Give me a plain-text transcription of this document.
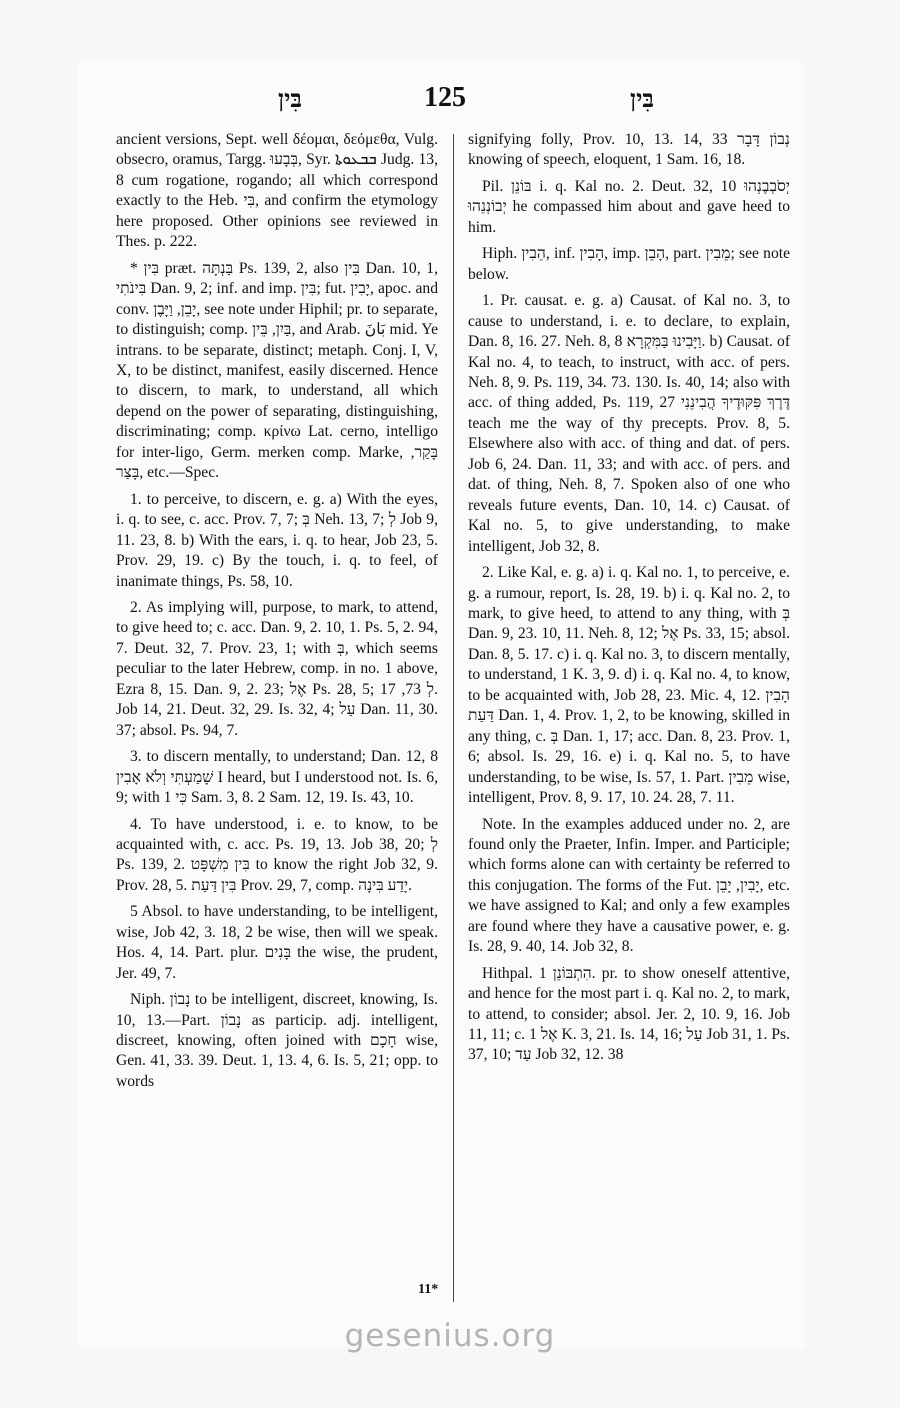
בִּין	125	בִּין

ancient versions, Sept. well δέομαι, δεόμεθα, Vulg. obsecro, oramus, Targg. בְּבָעוּ, Syr. ܒܒܥܘܬܐ Judg. 13, 8 cum rogatione, rogando; all which correspond exactly to the Heb. בִּי, and confirm the etymology here proposed. Other opinions see reviewed in Thes. p. 222.

* בִּין præt. בַּנְתָּה Ps. 139, 2, also בִּין Dan. 10, 1, בִּינֹתִי Dan. 9, 2; inf. and imp. בִּין; fut. יָבִין, apoc. and conv. יָבֵן, וַיָּבֶן, see note under Hiphil; pr. to separate, to distinguish; comp. בַּיִן, בֵּין, and Arab. بَانَ mid. Ye intrans. to be separate, distinct; metaph. Conj. I, V, X, to be distinct, manifest, easily discerned. Hence to discern, to mark, to understand, all which depend on the power of separating, distinguishing, discriminating; comp. κρίνω Lat. cerno, intelligo for inter-ligo, Germ. merken comp. Marke, בָּקַר, בָּצַר, etc.—Spec.

1. to perceive, to discern, e. g. a) With the eyes, i. q. to see, c. acc. Prov. 7, 7; בְּ Neh. 13, 7; לְ Job 9, 11. 23, 8. b) With the ears, i. q. to hear, Job 23, 5. Prov. 29, 19. c) By the touch, i. q. to feel, of inanimate things, Ps. 58, 10.

2. As implying will, purpose, to mark, to attend, to give heed to; c. acc. Dan. 9, 2. 10, 1. Ps. 5, 2. 94, 7. Deut. 32, 7. Prov. 23, 1; with בְּ, which seems peculiar to the later Hebrew, comp. in no. 1 above, Ezra 8, 15. Dan. 9, 2. 23; אֶל Ps. 28, 5; לְ 73, 17. Job 14, 21. Deut. 32, 29. Is. 32, 4; עַל Dan. 11, 30. 37; absol. Ps. 94, 7.

3. to discern mentally, to understand; Dan. 12, 8 שָׁמַעְתִּי וְלֹא אָבִין I heard, but I understood not. Is. 6, 9; with כִּי 1 Sam. 3, 8. 2 Sam. 12, 19. Is. 43, 10.

4. To have understood, i. e. to know, to be acquainted with, c. acc. Ps. 19, 13. Job 38, 20; לְ Ps. 139, 2. בִּין מִשְׁפָּט to know the right Job 32, 9. Prov. 28, 5. בִּין דַּעַת Prov. 29, 7, comp. יָדַע בִּינָה.

5 Absol. to have understanding, to be intelligent, wise, Job 42, 3. 18, 2 be wise, then will we speak. Hos. 4, 14. Part. plur. בָּנִים the wise, the prudent, Jer. 49, 7.

Niph. נָבוֹן to be intelligent, discreet, knowing, Is. 10, 13.—Part. נָבוֹן as particip. adj. intelligent, discreet, knowing, often joined with חָכָם wise, Gen. 41, 33. 39. Deut. 1, 13. 4, 6. Is. 5, 21; opp. to words

signifying folly, Prov. 10, 13. 14, 33 נְבוֹן דָּבָר knowing of speech, eloquent, 1 Sam. 16, 18.

Pil. בּוֹנֵן i. q. Kal no. 2. Deut. 32, 10 יְסֹבְבֶנְהוּ יְבוֹנְנֵהוּ he compassed him about and gave heed to him.

Hiph. הֵבִין, inf. הָבִין, imp. הָבֵן, part. מֵבִין; see note below.

1. Pr. causat. e. g. a) Causat. of Kal no. 3, to cause to understand, i. e. to declare, to explain, Dan. 8, 16. 27. Neh. 8, 8 וַיָּבִינוּ בַּמִּקְרָא. b) Causat. of Kal no. 4, to teach, to instruct, with acc. of pers. Neh. 8, 9. Ps. 119, 34. 73. 130. Is. 40, 14; also with acc. of thing added, Ps. 119, 27 דֶּרֶךְ פִּקּוּדֶיךָ הֲבִינֵנִי teach me the way of thy precepts. Prov. 8, 5. Elsewhere also with acc. of thing and dat. of pers. Job 6, 24. Dan. 11, 33; and with acc. of pers. and dat. of thing, Neh. 8, 7. Spoken also of one who reveals future events, Dan. 10, 14. c) Causat. of Kal no. 5, to give understanding, to make intelligent, Job 32, 8.

2. Like Kal, e. g. a) i. q. Kal no. 1, to perceive, e. g. a rumour, report, Is. 28, 19. b) i. q. Kal no. 2, to mark, to give heed, to attend to any thing, with בְּ Dan. 9, 23. 10, 11. Neh. 8, 12; אֶל Ps. 33, 15; absol. Dan. 8, 5. 17. c) i. q. Kal no. 3, to discern mentally, to understand, 1 K. 3, 9. d) i. q. Kal no. 4, to know, to be acquainted with, Job 28, 23. Mic. 4, 12. הָבִין דַּעַת Dan. 1, 4. Prov. 1, 2, to be knowing, skilled in any thing, c. בְּ Dan. 1, 17; acc. Dan. 8, 23. Prov. 1, 6; absol. Is. 29, 16. e) i. q. Kal no. 5, to have understanding, to be wise, Is. 57, 1. Part. מֵבִין wise, intelligent, Prov. 8, 9. 17, 10. 24. 28, 7. 11.

Note. In the examples adduced under no. 2, are found only the Praeter, Infin. Imper. and Participle; which forms alone can with certainty be referred to this conjugation. The forms of the Fut. יָבִין, יָבֵן, etc. we have assigned to Kal; and only a few examples are found where they have a causative power, e. g. Is. 28, 9. 40, 14. Job 32, 8.

Hithpal. הִתְבּוֹנֵן 1. pr. to show oneself attentive, and hence for the most part i. q. Kal no. 2, to mark, to attend, to consider; absol. Jer. 2, 10. 9, 16. Job 11, 11; c. אֶל 1 K. 3, 21. Is. 14, 16; עַל Job 31, 1. Ps. 37, 10; עַד Job 32, 12. 38

11*
gesenius.org
